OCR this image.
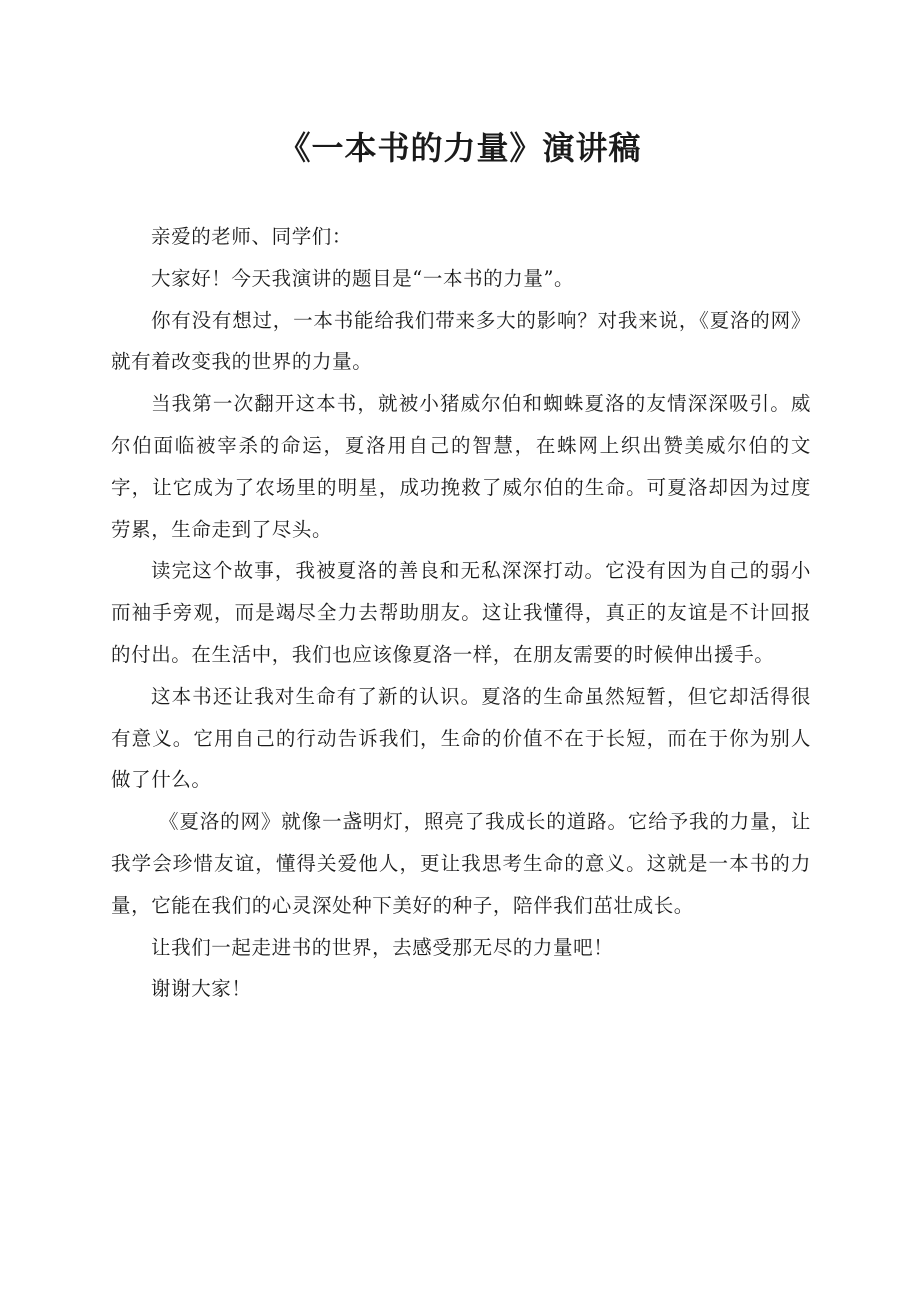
《一本书的力量》演讲稿

亲爱的老师、同学们：

大家好！今天我演讲的题目是“一本书的力量”。

你有没有想过，一本书能给我们带来多大的影响？对我来说，《夏洛的网》就有着改变我的世界的力量。

当我第一次翻开这本书，就被小猪威尔伯和蜘蛛夏洛的友情深深吸引。威尔伯面临被宰杀的命运，夏洛用自己的智慧，在蛛网上织出赞美威尔伯的文字，让它成为了农场里的明星，成功挽救了威尔伯的生命。可夏洛却因为过度劳累，生命走到了尽头。

读完这个故事，我被夏洛的善良和无私深深打动。它没有因为自己的弱小而袖手旁观，而是竭尽全力去帮助朋友。这让我懂得，真正的友谊是不计回报的付出。在生活中，我们也应该像夏洛一样，在朋友需要的时候伸出援手。

这本书还让我对生命有了新的认识。夏洛的生命虽然短暂，但它却活得很有意义。它用自己的行动告诉我们，生命的价值不在于长短，而在于你为别人做了什么。

《夏洛的网》就像一盏明灯，照亮了我成长的道路。它给予我的力量，让我学会珍惜友谊，懂得关爱他人，更让我思考生命的意义。这就是一本书的力量，它能在我们的心灵深处种下美好的种子，陪伴我们茁壮成长。

让我们一起走进书的世界，去感受那无尽的力量吧！

谢谢大家！
